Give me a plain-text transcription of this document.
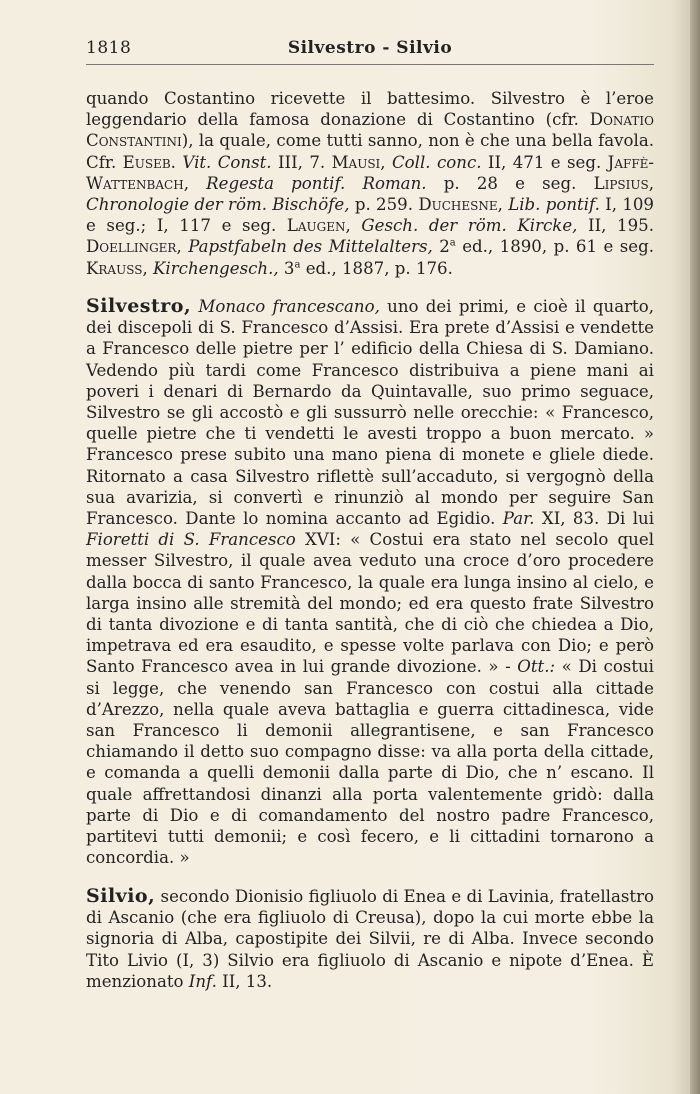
1818	Silvestro - Silvio

quando Costantino ricevette il battesimo. Silvestro è l’eroe leggendario della famosa donazione di Costantino (cfr. Donatio Constantini), la quale, come tutti sanno, non è che una bella favola. Cfr. Euseb. Vit. Const. III, 7. Mausi, Coll. conc. II, 471 e seg. Jaffè-Wattenbach, Regesta pontif. Roman. p. 28 e seg. Lipsius, Chronologie der röm. Bischöfe, p. 259. Duchesne, Lib. pontif. I, 109 e seg.; I, 117 e seg. Laugen, Gesch. der röm. Kircke, II, 195. Doellinger, Papstfabeln des Mittelalters, 2$^a$ ed., 1890, p. 61 e seg. Krauss, Kirchengesch., 3$^a$ ed., 1887, p. 176.

Silvestro, Monaco francescano, uno dei primi, e cioè il quarto, dei discepoli di S. Francesco d’Assisi. Era prete d’Assisi e vendette a Francesco delle pietre per l’ edificio della Chiesa di S. Damiano. Vedendo più tardi come Francesco distribuiva a piene mani ai poveri i denari di Bernardo da Quintavalle, suo primo seguace, Silvestro se gli accostò e gli sussurrò nelle orecchie: « Francesco, quelle pietre che ti vendetti le avesti troppo a buon mercato. » Francesco prese subito una mano piena di monete e gliele diede. Ritornato a casa Silvestro riflettè sull’accaduto, si vergognò della sua avarizia, si convertì e rinunziò al mondo per seguire San Francesco. Dante lo nomina accanto ad Egidio. Par. XI, 83. Di lui Fioretti di S. Francesco XVI: « Costui era stato nel secolo quel messer Silvestro, il quale avea veduto una croce d’oro procedere dalla bocca di santo Francesco, la quale era lunga insino al cielo, e larga insino alle stremità del mondo; ed era questo frate Silvestro di tanta divozione e di tanta santità, che di ciò che chiedea a Dio, impetrava ed era esaudito, e spesse volte parlava con Dio; e però Santo Francesco avea in lui grande divozione. » - Ott.: « Di costui si legge, che venendo san Francesco con costui alla cittade d’Arezzo, nella quale aveva battaglia e guerra cittadinesca, vide san Francesco li demonii allegrantisene, e san Francesco chiamando il detto suo compagno disse: va alla porta della cittade, e comanda a quelli demonii dalla parte di Dio, che n’ escano. Il quale affrettandosi dinanzi alla porta valentemente gridò: dalla parte di Dio e di comandamento del nostro padre Francesco, partitevi tutti demonii; e così fecero, e li cittadini tornarono a concordia. »

Silvio, secondo Dionisio figliuolo di Enea e di Lavinia, fratellastro di Ascanio (che era figliuolo di Creusa), dopo la cui morte ebbe la signoria di Alba, capostipite dei Silvii, re di Alba. Invece secondo Tito Livio (I, 3) Silvio era figliuolo di Ascanio e nipote d’Enea. È menzionato Inf. II, 13.
